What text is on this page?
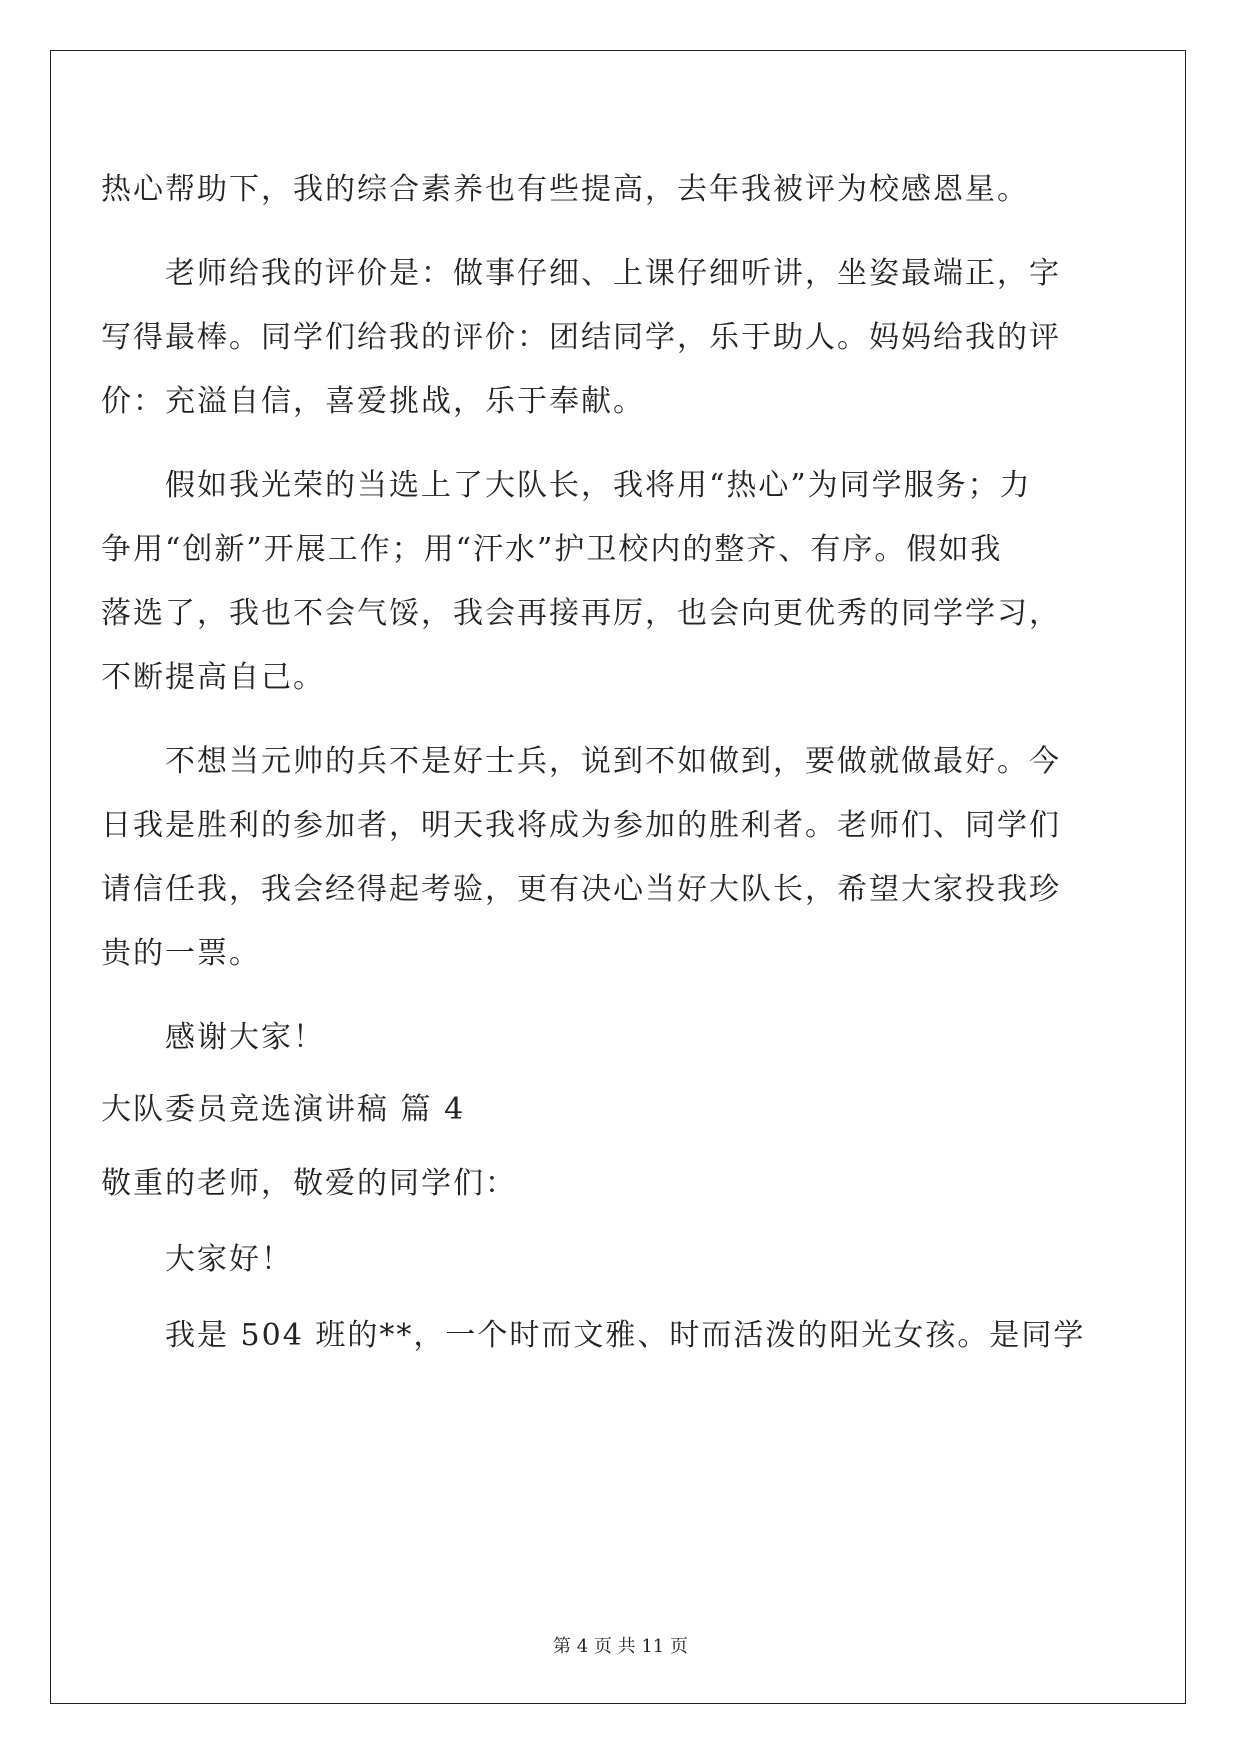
热心帮助下，我的综合素养也有些提高，去年我被评为校感恩星。
老师给我的评价是：做事仔细、上课仔细听讲，坐姿最端正，字
写得最棒。同学们给我的评价：团结同学，乐于助人。妈妈给我的评
价：充溢自信，喜爱挑战，乐于奉献。
假如我光荣的当选上了大队长，我将用“热心”为同学服务；力
争用“创新”开展工作；用“汗水”护卫校内的整齐、有序。假如我
落选了，我也不会气馁，我会再接再厉，也会向更优秀的同学学习，
不断提高自己。
不想当元帅的兵不是好士兵，说到不如做到，要做就做最好。今
日我是胜利的参加者，明天我将成为参加的胜利者。老师们、同学们
请信任我，我会经得起考验，更有决心当好大队长，希望大家投我珍
贵的一票。
感谢大家！
大队委员竞选演讲稿 篇 4
敬重的老师，敬爱的同学们：
大家好！
我是 504 班的**，一个时而文雅、时而活泼的阳光女孩。是同学
第 4 页 共 11 页
